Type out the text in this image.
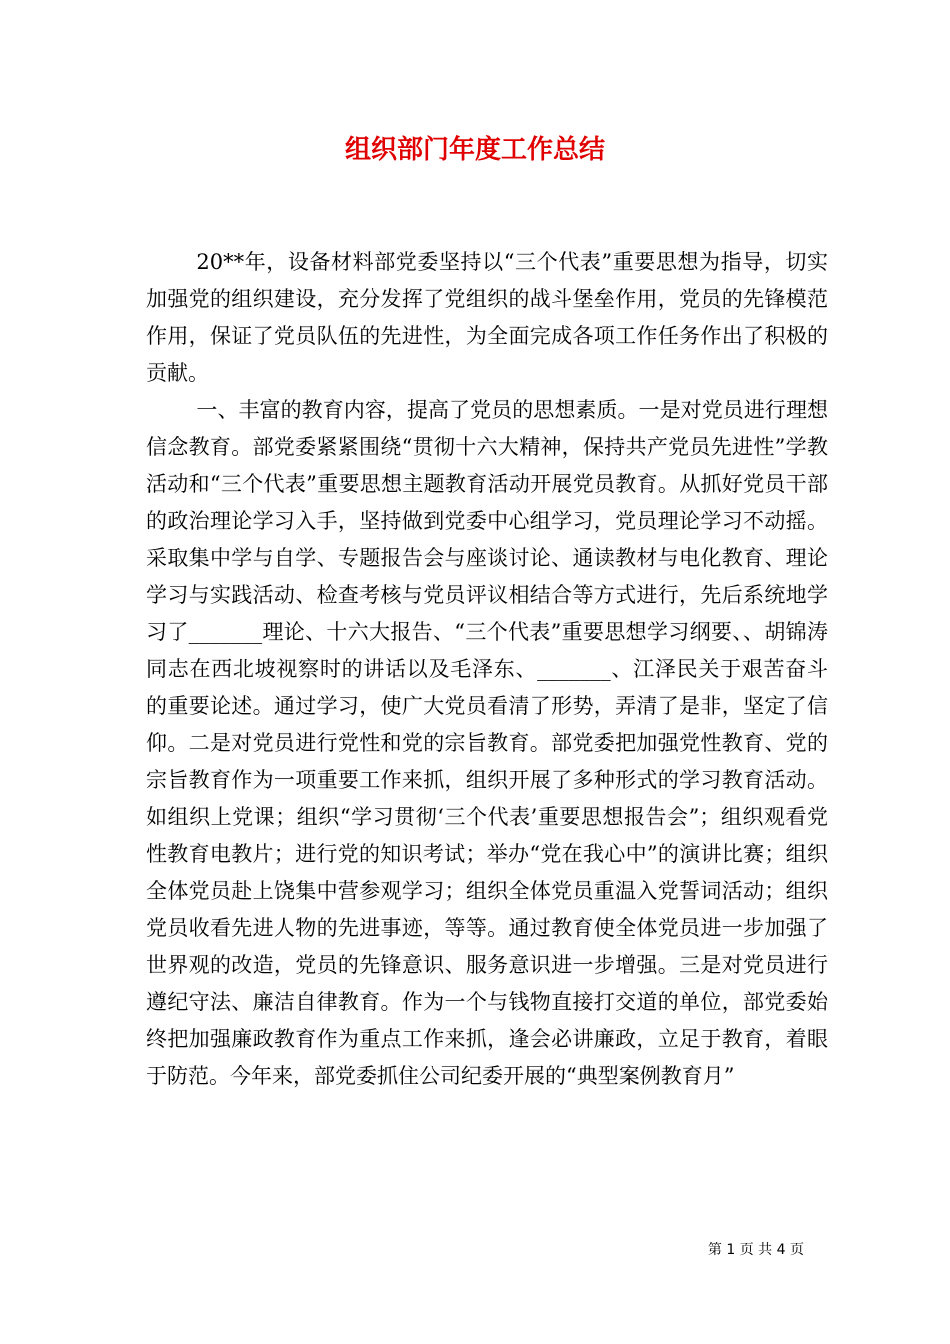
组织部门年度工作总结

20**年，设备材料部党委坚持以“三个代表”重要思想为指导，切实加强党的组织建设，充分发挥了党组织的战斗堡垒作用，党员的先锋模范作用，保证了党员队伍的先进性，为全面完成各项工作任务作出了积极的贡献。

一、丰富的教育内容，提高了党员的思想素质。一是对党员进行理想信念教育。部党委紧紧围绕“贯彻十六大精神，保持共产党员先进性”学教活动和“三个代表”重要思想主题教育活动开展党员教育。从抓好党员干部的政治理论学习入手，坚持做到党委中心组学习，党员理论学习不动摇。采取集中学与自学、专题报告会与座谈讨论、通读教材与电化教育、理论学习与实践活动、检查考核与党员评议相结合等方式进行，先后系统地学习了_______理论、十六大报告、“三个代表”重要思想学习纲要、、胡锦涛同志在西北坡视察时的讲话以及毛泽东、_______、江泽民关于艰苦奋斗的重要论述。通过学习，使广大党员看清了形势，弄清了是非，坚定了信仰。二是对党员进行党性和党的宗旨教育。部党委把加强党性教育、党的宗旨教育作为一项重要工作来抓，组织开展了多种形式的学习教育活动。如组织上党课；组织“学习贯彻‘三个代表’重要思想报告会”；组织观看党性教育电教片；进行党的知识考试；举办“党在我心中”的演讲比赛；组织全体党员赴上饶集中营参观学习；组织全体党员重温入党誓词活动；组织党员收看先进人物的先进事迹，等等。通过教育使全体党员进一步加强了世界观的改造，党员的先锋意识、服务意识进一步增强。三是对党员进行遵纪守法、廉洁自律教育。作为一个与钱物直接打交道的单位，部党委始终把加强廉政教育作为重点工作来抓，逢会必讲廉政，立足于教育，着眼于防范。今年来，部党委抓住公司纪委开展的“典型案例教育月”

第 1 页 共 4 页
